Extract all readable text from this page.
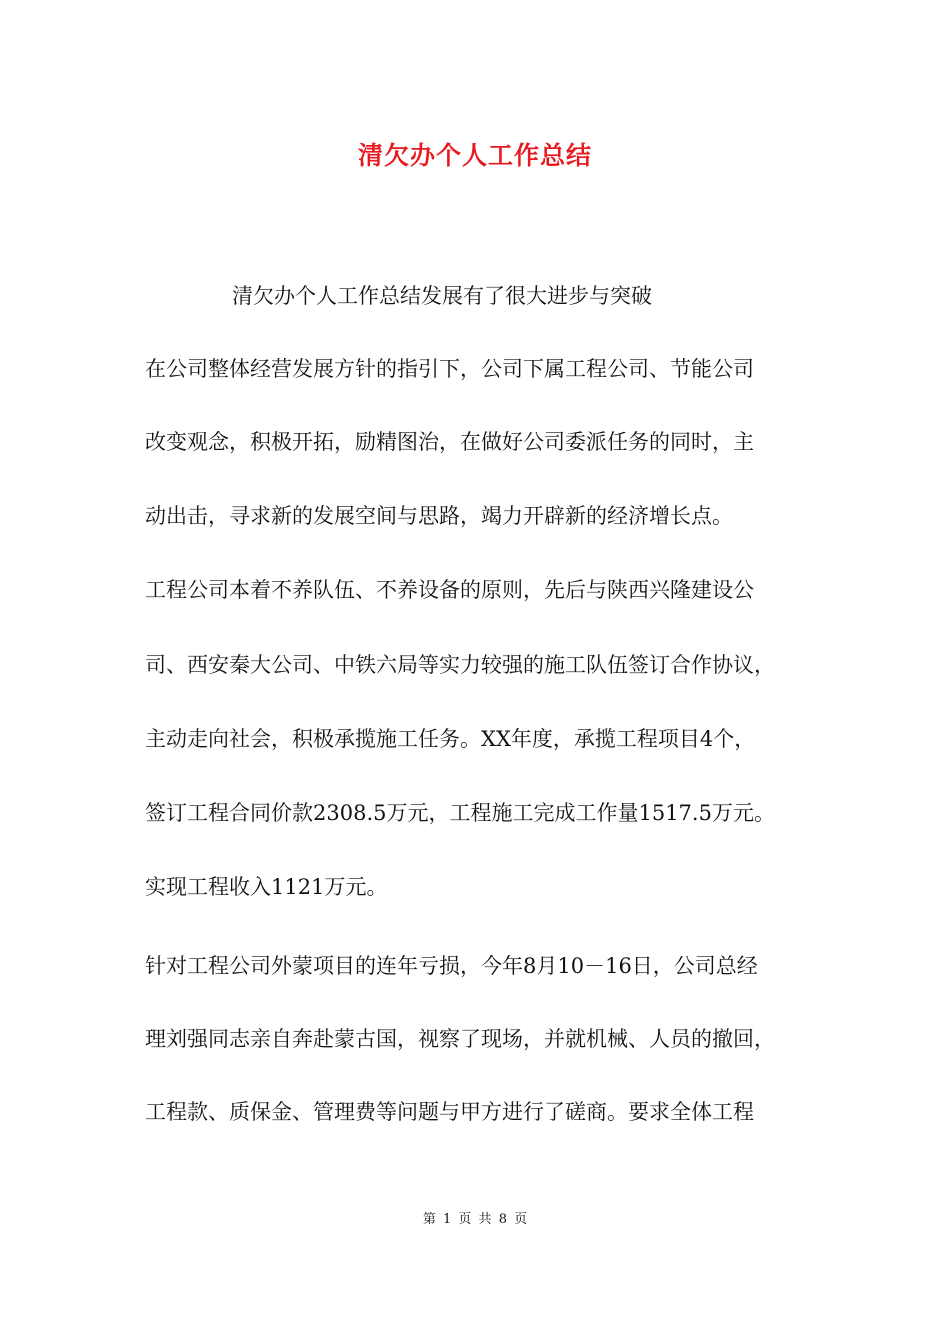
清欠办个人工作总结
清欠办个人工作总结发展有了很大进步与突破
在公司整体经营发展方针的指引下，公司下属工程公司、节能公司
改变观念，积极开拓，励精图治，在做好公司委派任务的同时，主
动出击，寻求新的发展空间与思路，竭力开辟新的经济增长点。
工程公司本着不养队伍、不养设备的原则，先后与陕西兴隆建设公
司、西安秦大公司、中铁六局等实力较强的施工队伍签订合作协议，
主动走向社会，积极承揽施工任务。XX年度，承揽工程项目4个，
签订工程合同价款2308.5万元，工程施工完成工作量1517.5万元。
实现工程收入1121万元。
针对工程公司外蒙项目的连年亏损，今年8月10－16日，公司总经
理刘强同志亲自奔赴蒙古国，视察了现场，并就机械、人员的撤回，
工程款、质保金、管理费等问题与甲方进行了磋商。要求全体工程
第 1 页 共 8 页
